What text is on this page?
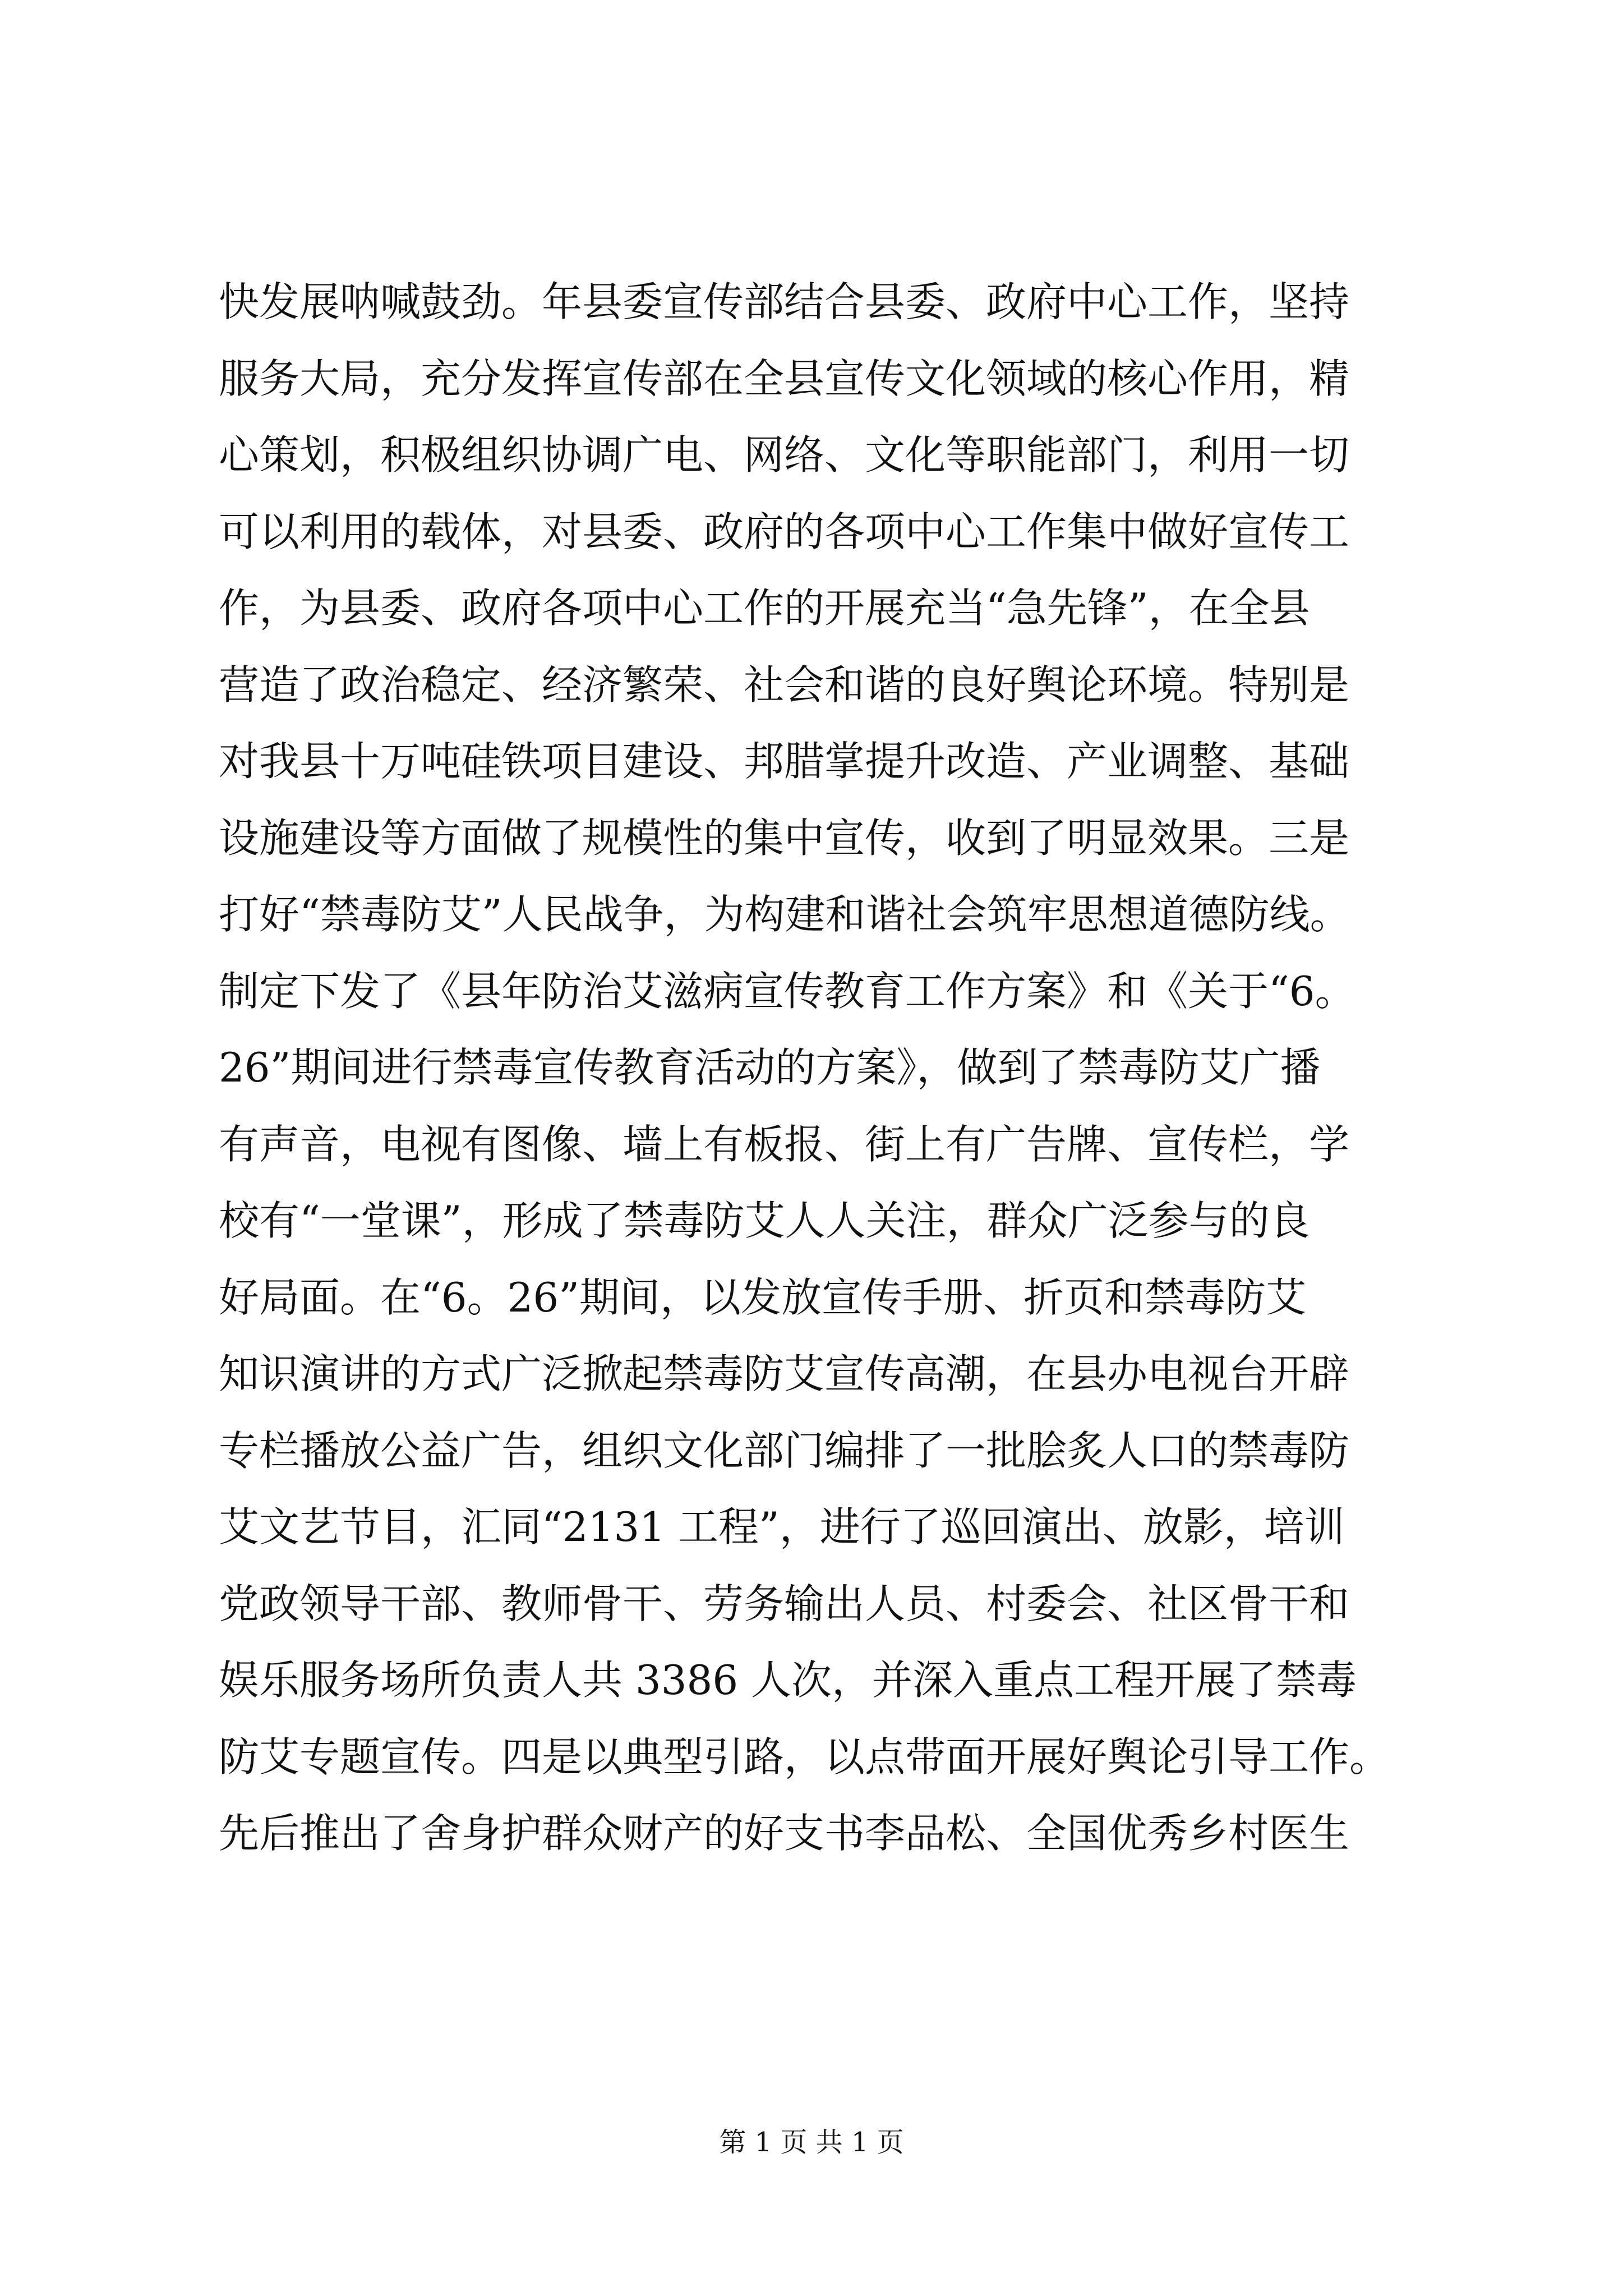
快发展呐喊鼓劲。年县委宣传部结合县委、政府中心工作，坚持
服务大局，充分发挥宣传部在全县宣传文化领域的核心作用，精
心策划，积极组织协调广电、网络、文化等职能部门，利用一切
可以利用的载体，对县委、政府的各项中心工作集中做好宣传工
作，为县委、政府各项中心工作的开展充当“急先锋”，在全县
营造了政治稳定、经济繁荣、社会和谐的良好舆论环境。特别是
对我县十万吨硅铁项目建设、邦腊掌提升改造、产业调整、基础
设施建设等方面做了规模性的集中宣传，收到了明显效果。三是
打好“禁毒防艾”人民战争，为构建和谐社会筑牢思想道德防线。
制定下发了《县年防治艾滋病宣传教育工作方案》和《关于“6。
26”期间进行禁毒宣传教育活动的方案》，做到了禁毒防艾广播
有声音，电视有图像、墙上有板报、街上有广告牌、宣传栏，学
校有“一堂课”，形成了禁毒防艾人人关注，群众广泛参与的良
好局面。在“6。26”期间，以发放宣传手册、折页和禁毒防艾
知识演讲的方式广泛掀起禁毒防艾宣传高潮，在县办电视台开辟
专栏播放公益广告，组织文化部门编排了一批脍炙人口的禁毒防
艾文艺节目，汇同“2131 工程”，进行了巡回演出、放影，培训
党政领导干部、教师骨干、劳务输出人员、村委会、社区骨干和
娱乐服务场所负责人共 3386 人次，并深入重点工程开展了禁毒
防艾专题宣传。四是以典型引路，以点带面开展好舆论引导工作。
先后推出了舍身护群众财产的好支书李品松、全国优秀乡村医生
第 1 页 共 1 页
